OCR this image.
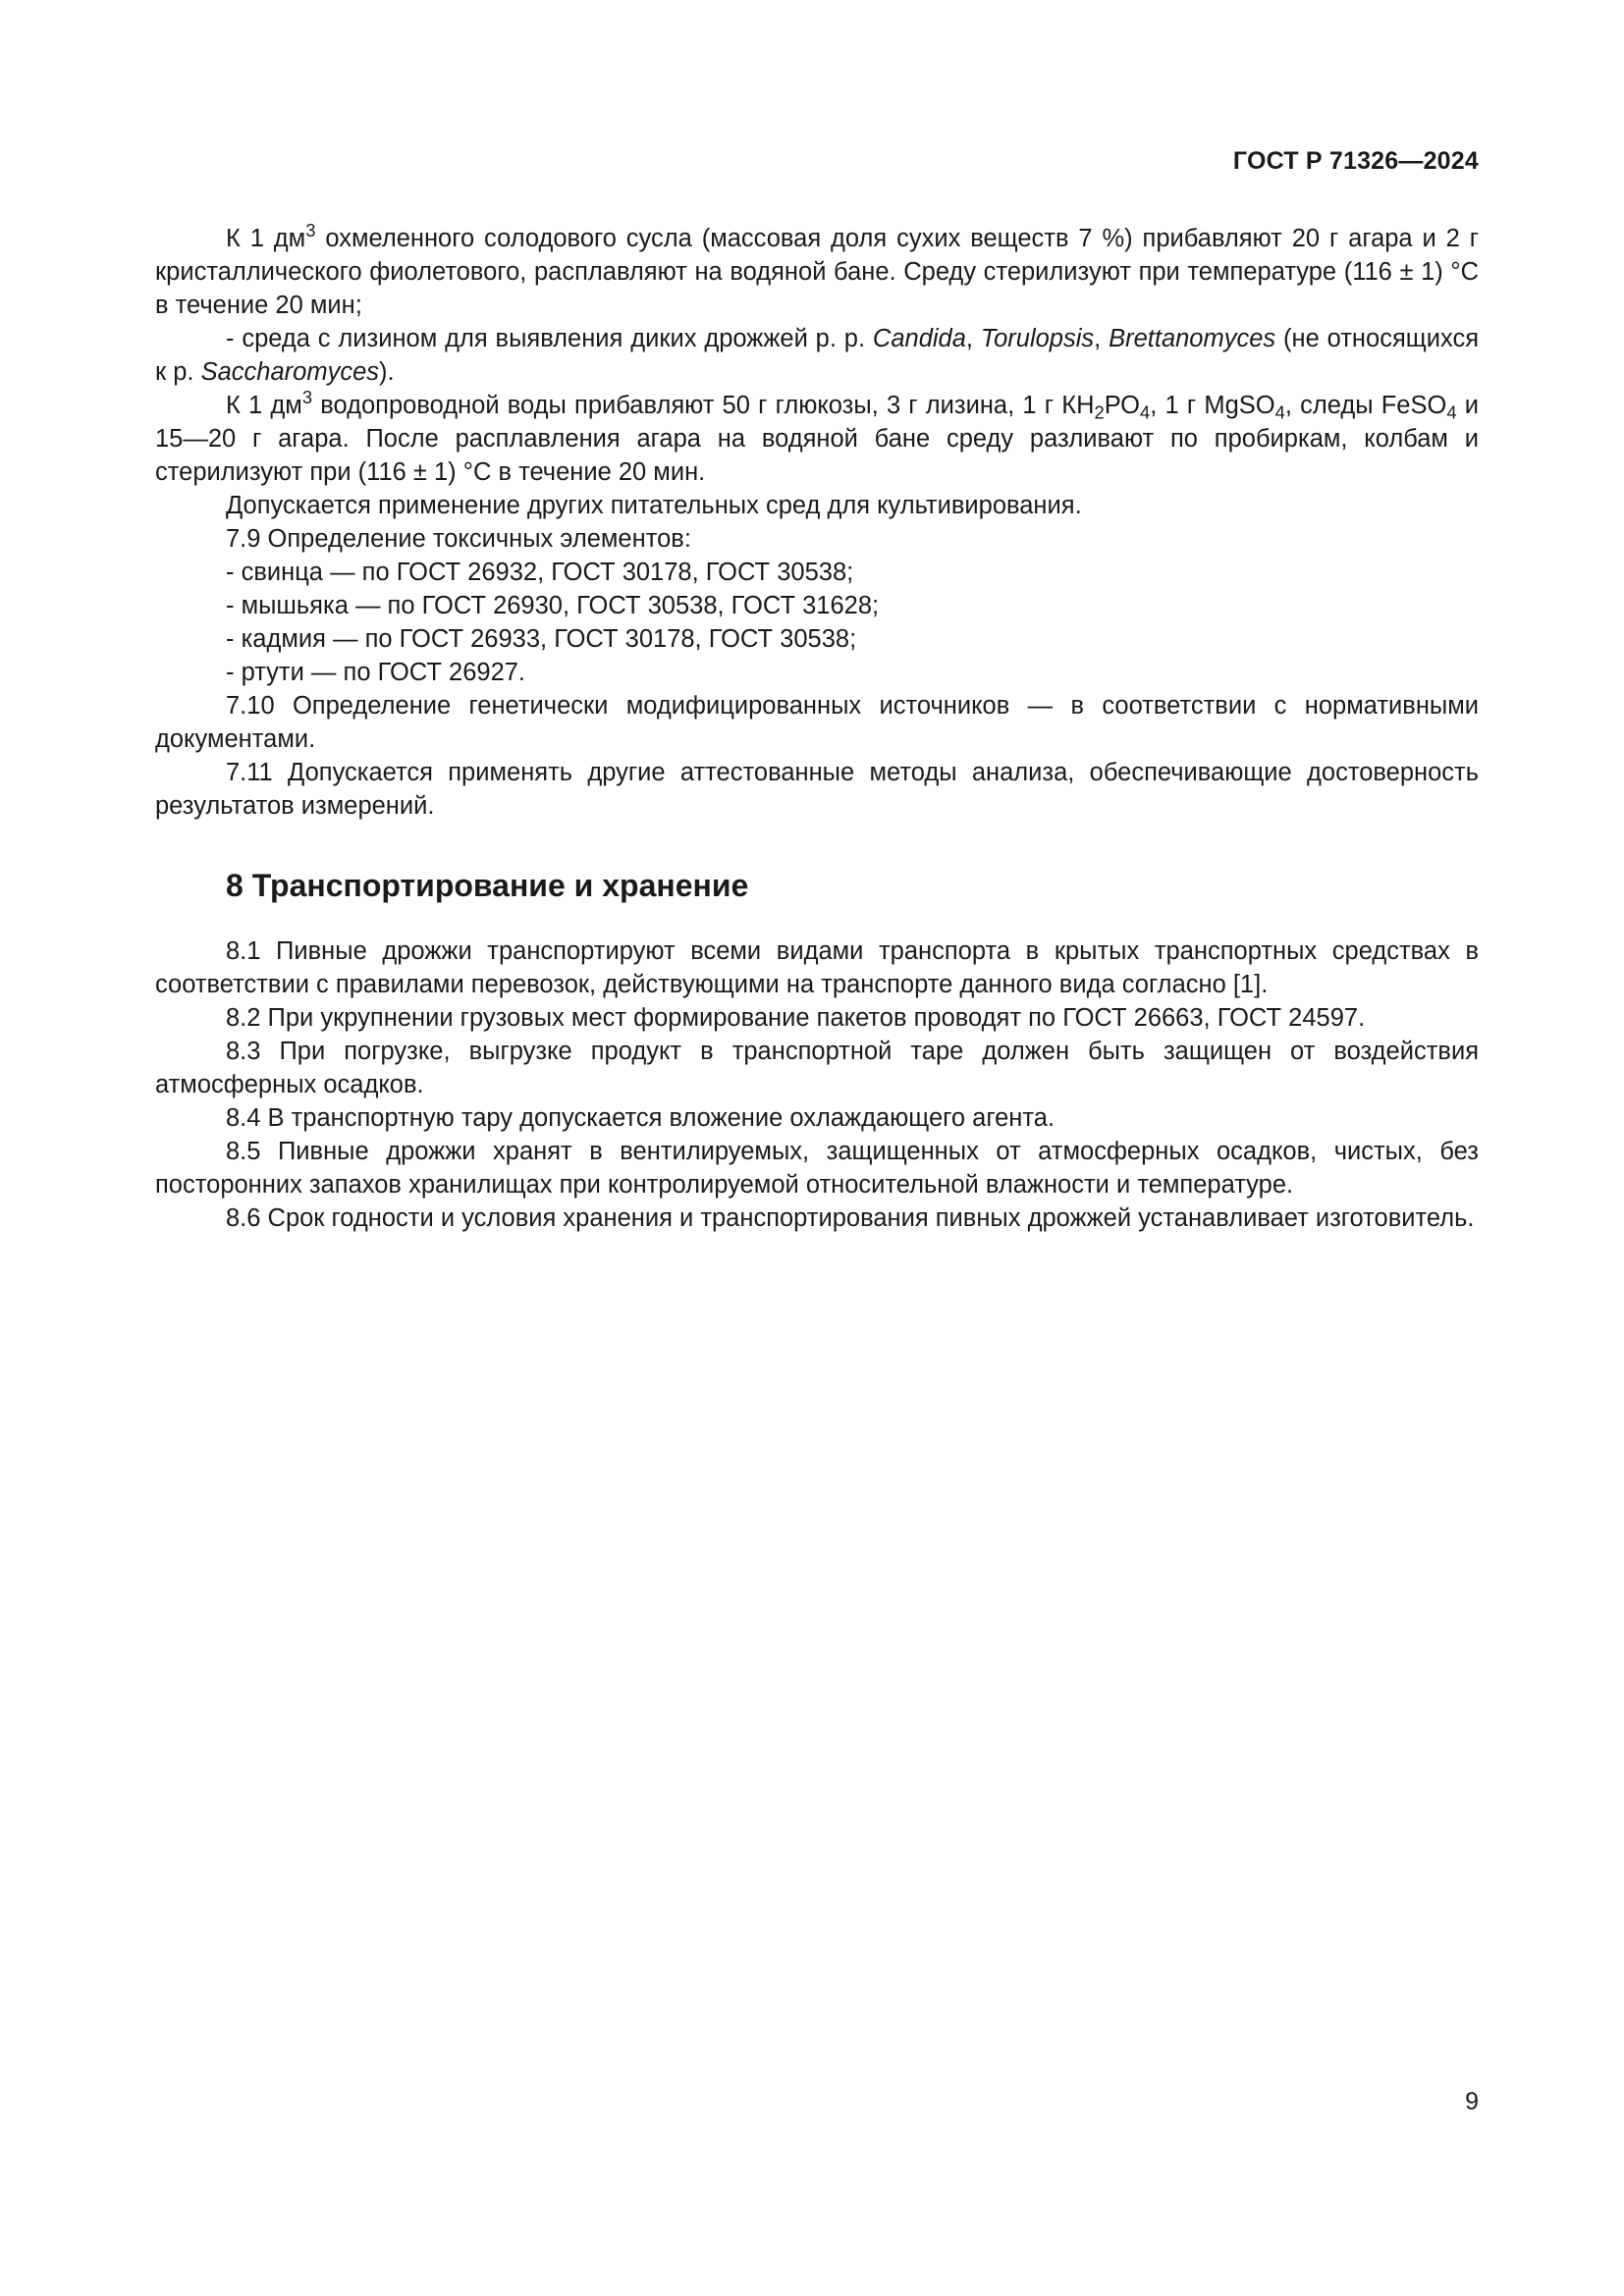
ГОСТ Р 71326—2024

К 1 $дм^3$ охмеленного солодового сусла (массовая доля сухих веществ 7 %) прибавляют 20 г агара и 2 г кристаллического фиолетового, расплавляют на водяной бане. Среду стерилизуют при температуре (116 ± 1) °С в течение 20 мин;

- среда с лизином для выявления диких дрожжей р. р. Candida, Torulopsis, Brettanomyces (не относящихся к р. Saccharomyces).

К 1 $дм^3$ водопроводной воды прибавляют 50 г глюкозы, 3 г лизина, 1 г $КН_2РО_4$, 1 г MgSO$_4$, следы FeSO$_4$ и 15—20 г агара. После расплавления агара на водяной бане среду разливают по пробиркам, колбам и стерилизуют при (116 ± 1) °С в течение 20 мин.

Допускается применение других питательных сред для культивирования.

7.9 Определение токсичных элементов:

- свинца — по ГОСТ 26932, ГОСТ 30178, ГОСТ 30538;

- мышьяка — по ГОСТ 26930, ГОСТ 30538, ГОСТ 31628;

- кадмия — по ГОСТ 26933, ГОСТ 30178, ГОСТ 30538;

- ртути — по ГОСТ 26927.

7.10 Определение генетически модифицированных источников — в соответствии с нормативными документами.

7.11 Допускается применять другие аттестованные методы анализа, обеспечивающие достоверность результатов измерений.

8 Транспортирование и хранение

8.1 Пивные дрожжи транспортируют всеми видами транспорта в крытых транспортных средствах в соответствии с правилами перевозок, действующими на транспорте данного вида согласно [1].

8.2 При укрупнении грузовых мест формирование пакетов проводят по ГОСТ 26663, ГОСТ 24597.

8.3 При погрузке, выгрузке продукт в транспортной таре должен быть защищен от воздействия атмосферных осадков.

8.4 В транспортную тару допускается вложение охлаждающего агента.

8.5 Пивные дрожжи хранят в вентилируемых, защищенных от атмосферных осадков, чистых, без посторонних запахов хранилищах при контролируемой относительной влажности и температуре.

8.6 Срок годности и условия хранения и транспортирования пивных дрожжей устанавливает изготовитель.

9
